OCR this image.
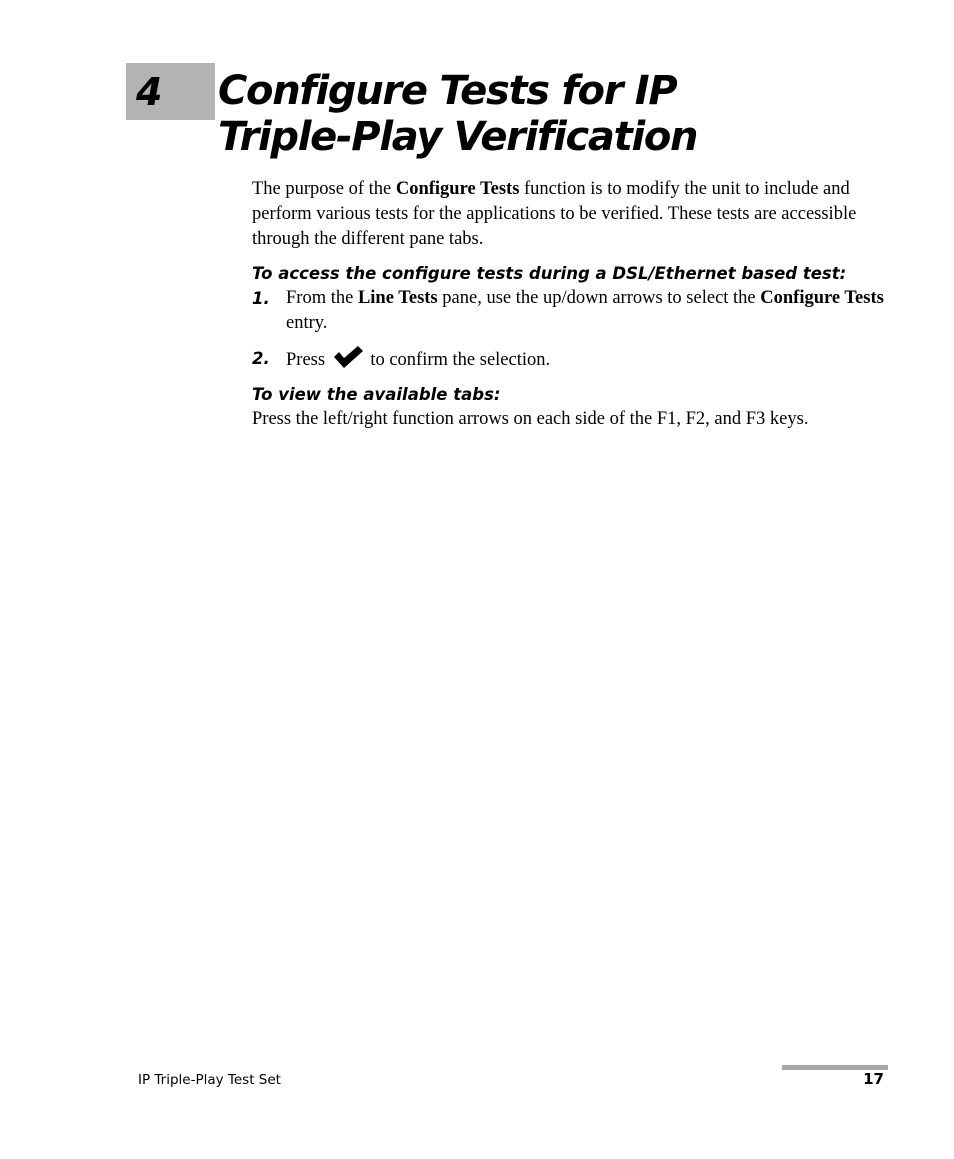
4 Configure Tests for IP
Triple-Play Verification

The purpose of the Configure Tests function is to modify the unit to include and perform various tests for the applications to be verified. These tests are accessible through the different pane tabs.

To access the configure tests during a DSL/Ethernet based test:

1. From the Line Tests pane, use the up/down arrows to select the Configure Tests entry.
2. Press  to confirm the selection.

To view the available tabs:

Press the left/right function arrows on each side of the F1, F2, and F3 keys.

IP Triple-Play Test Set	17
